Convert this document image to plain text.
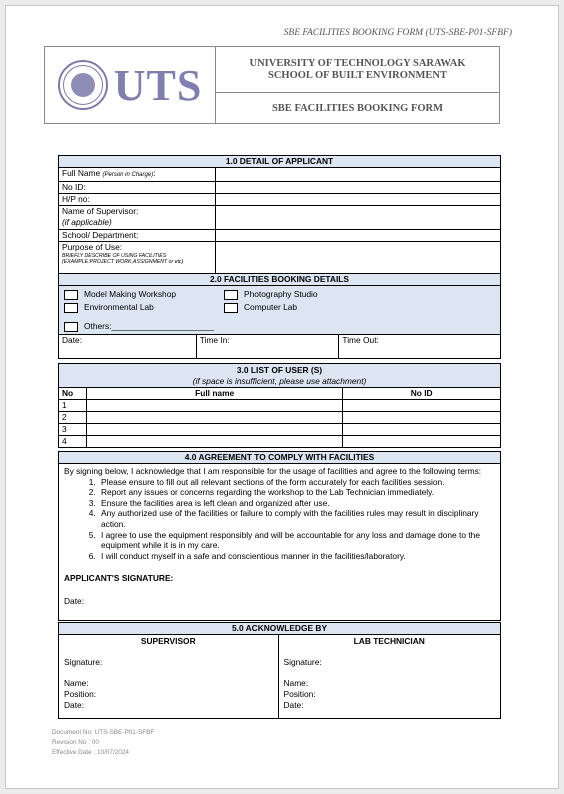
SBE FACILITIES BOOKING FORM (UTS-SBE-P01-SFBF)
UTS	UNIVERSITY OF TECHNOLOGY SARAWAK
SCHOOL OF BUILT ENVIRONMENT
SBE FACILITIES BOOKING FORM
1.0 DETAIL OF APPLICANT			
Full Name (Person in Charge):			
No ID:			
H/P no:			

Name of Supervisor:
(if applicable)			

School/ Department:			

Purpose of Use:
BRIEFLY DESCRIBE OF USING FACILITIES
(EXAMPLE:PROJECT WORK,ASSIGNMENT or etc)			

2.0 FACILITIES BOOKING DETAILS			

Model Making Workshop Photography Studio
Environmental Lab Computer Lab
Others:______________________			

Date:	Time In:		Time Out:
3.0 LIST OF USER (S)
(if space is insufficient, please use attachment)		

No	Full name	No ID
1		
2		
3		
4		
4.0 AGREEMENT TO COMPLY WITH FACILITIES

By signing below, I acknowledge that I am responsible for the usage of facilities and agree to the following terms:
1. Please ensure to fill out all relevant sections of the form accurately for each facilities session.
2. Report any issues or concerns regarding the workshop to the Lab Technician immediately.
3. Ensure the facilities area is left clean and organized after use.
4. Any authorized use of the facilities or failure to comply with the facilities rules may result in disciplinary action.
5. I agree to use the equipment responsibly and will be accountable for any loss and damage done to the equipment while it is in my care.
6. I will conduct myself in a safe and conscientious manner in the facilities/laboratory.
APPLICANT'S SIGNATURE:
Date:
5.0 ACKNOWLEDGE BY

SUPERVISOR
Signature:
Name:
Position:
Date:

LAB TECHNICIAN
Signature:
Name:
Position:
Date:
Document No: UTS-SBE-P01-SFBF
Revision No : 00
Effective Date : 10/07/2024
